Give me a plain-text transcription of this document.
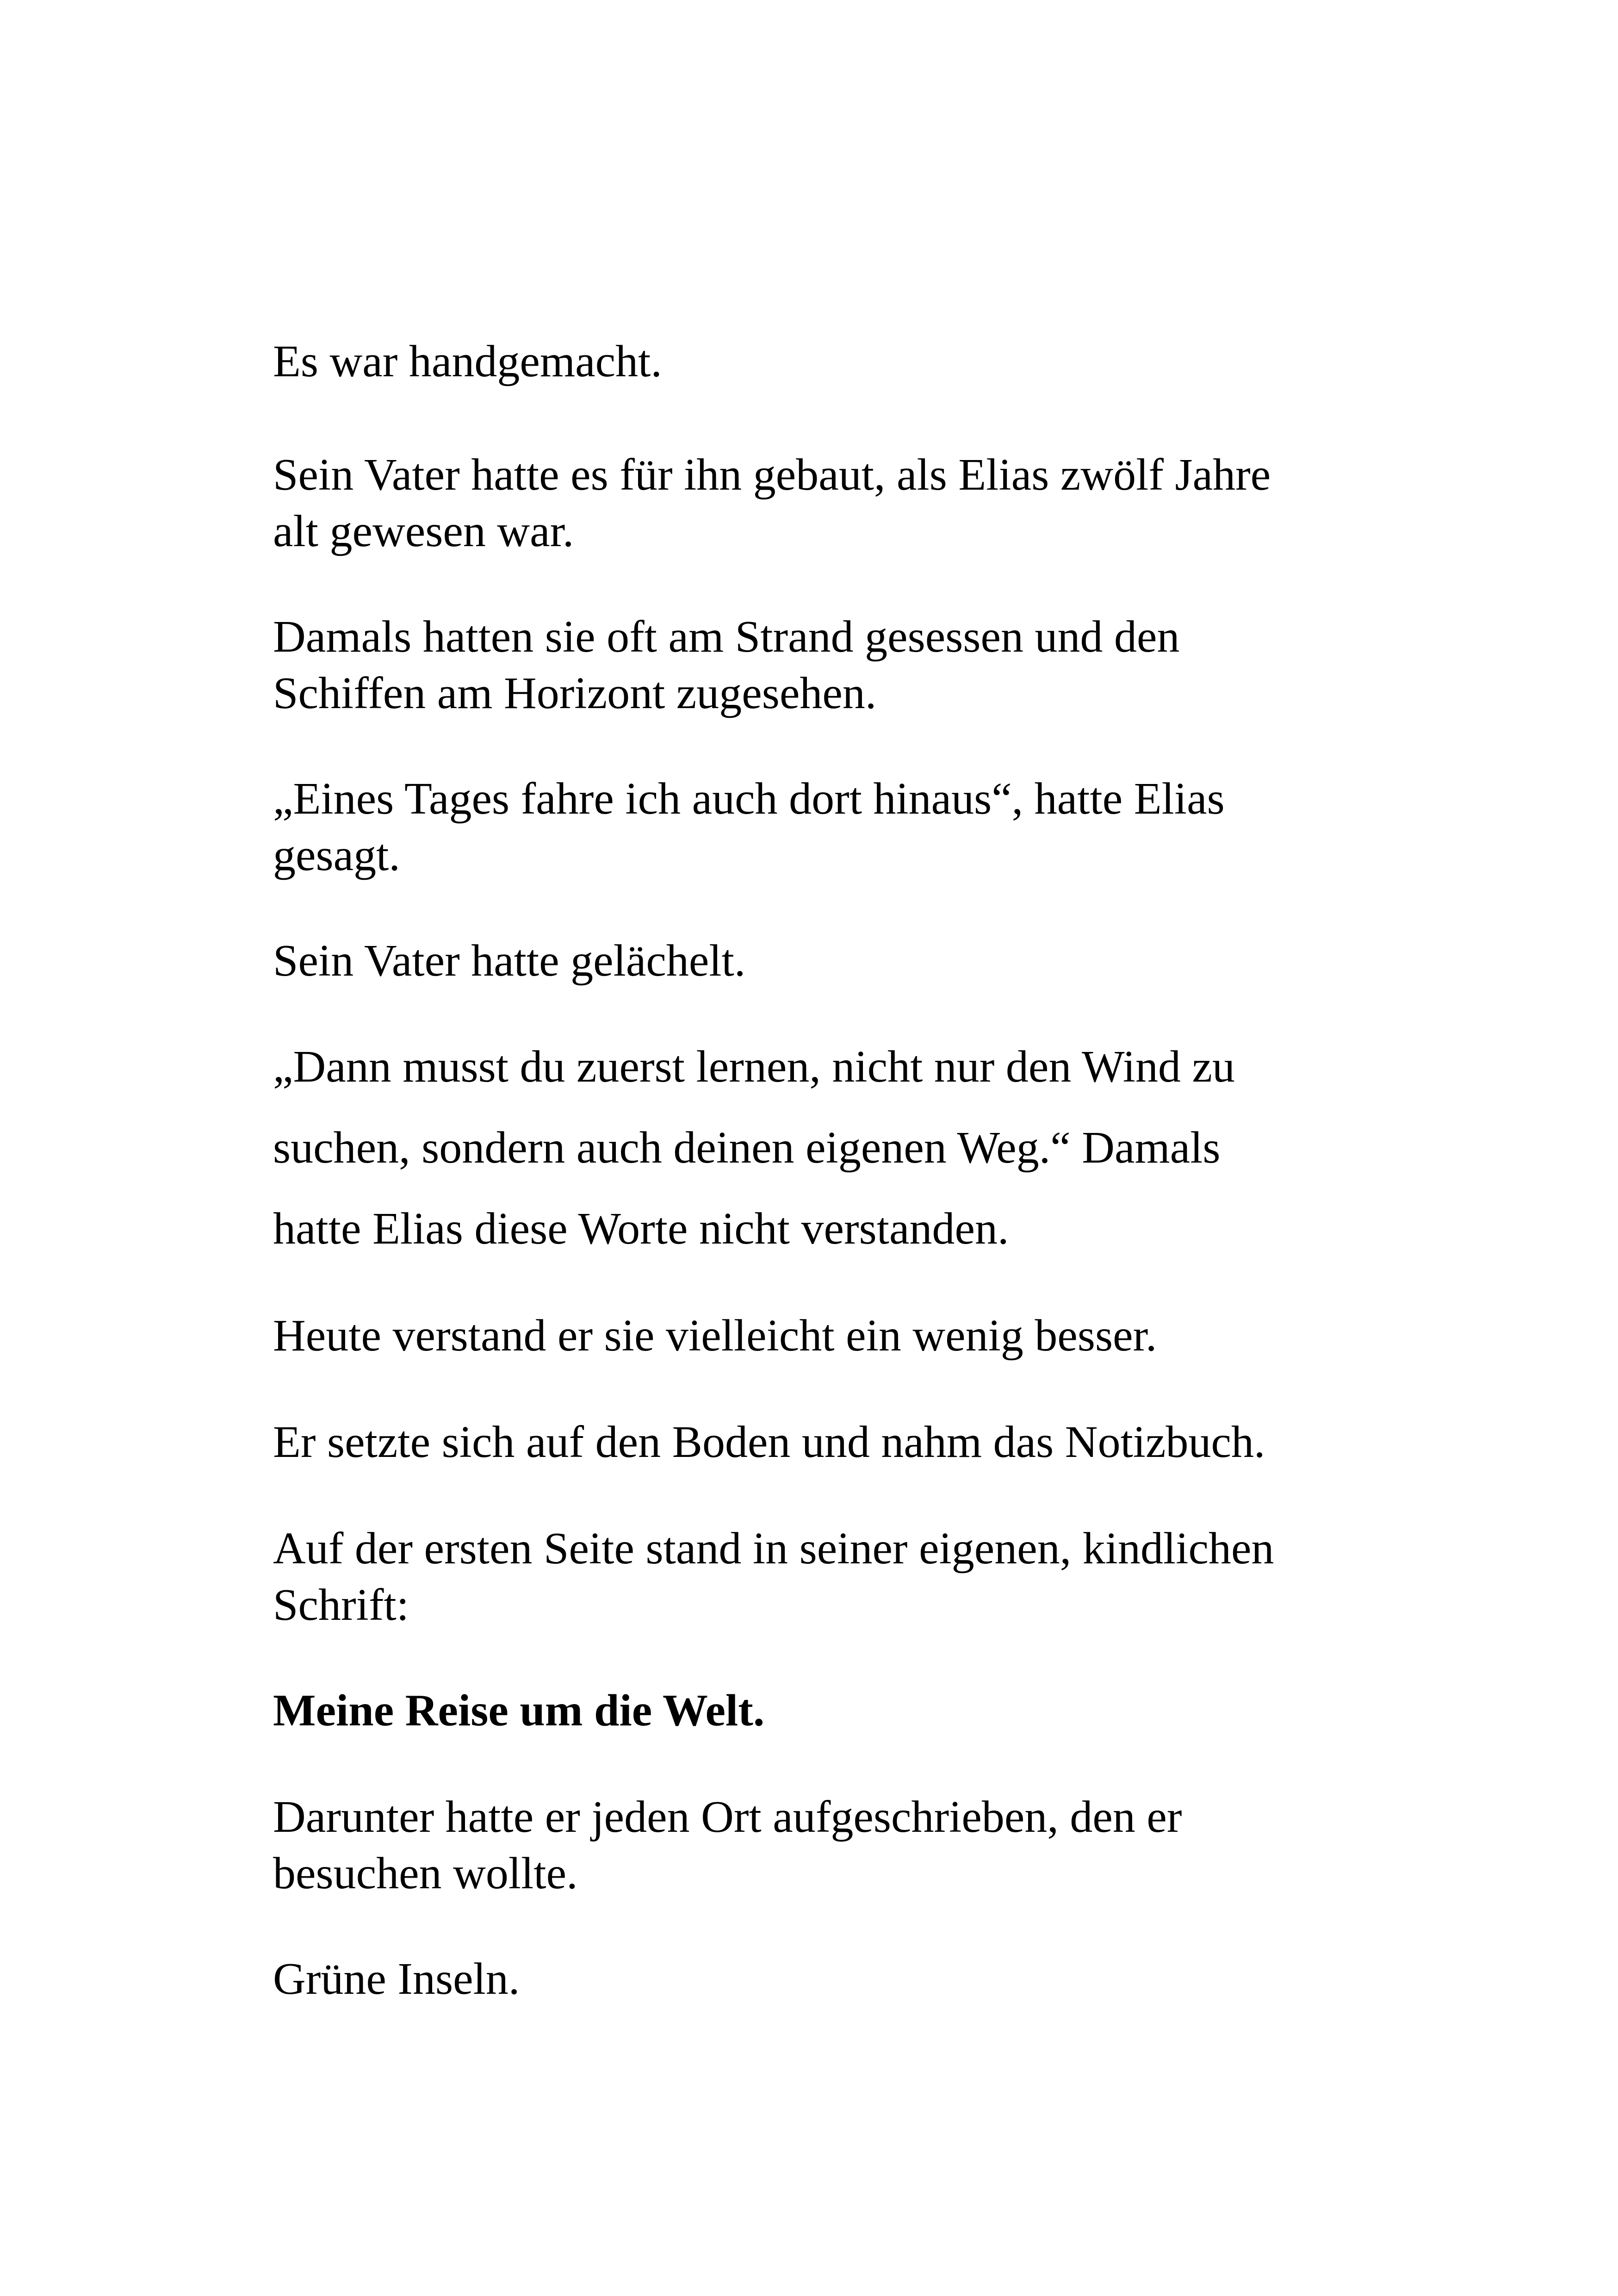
Es war handgemacht.

Sein Vater hatte es für ihn gebaut, als Elias zwölf Jahre
alt gewesen war.

Damals hatten sie oft am Strand gesessen und den
Schiffen am Horizont zugesehen.

„Eines Tages fahre ich auch dort hinaus“, hatte Elias
gesagt.

Sein Vater hatte gelächelt.

„Dann musst du zuerst lernen, nicht nur den Wind zu
suchen, sondern auch deinen eigenen Weg.“ Damals
hatte Elias diese Worte nicht verstanden.

Heute verstand er sie vielleicht ein wenig besser.

Er setzte sich auf den Boden und nahm das Notizbuch.

Auf der ersten Seite stand in seiner eigenen, kindlichen
Schrift:

Meine Reise um die Welt.

Darunter hatte er jeden Ort aufgeschrieben, den er
besuchen wollte.

Grüne Inseln.
